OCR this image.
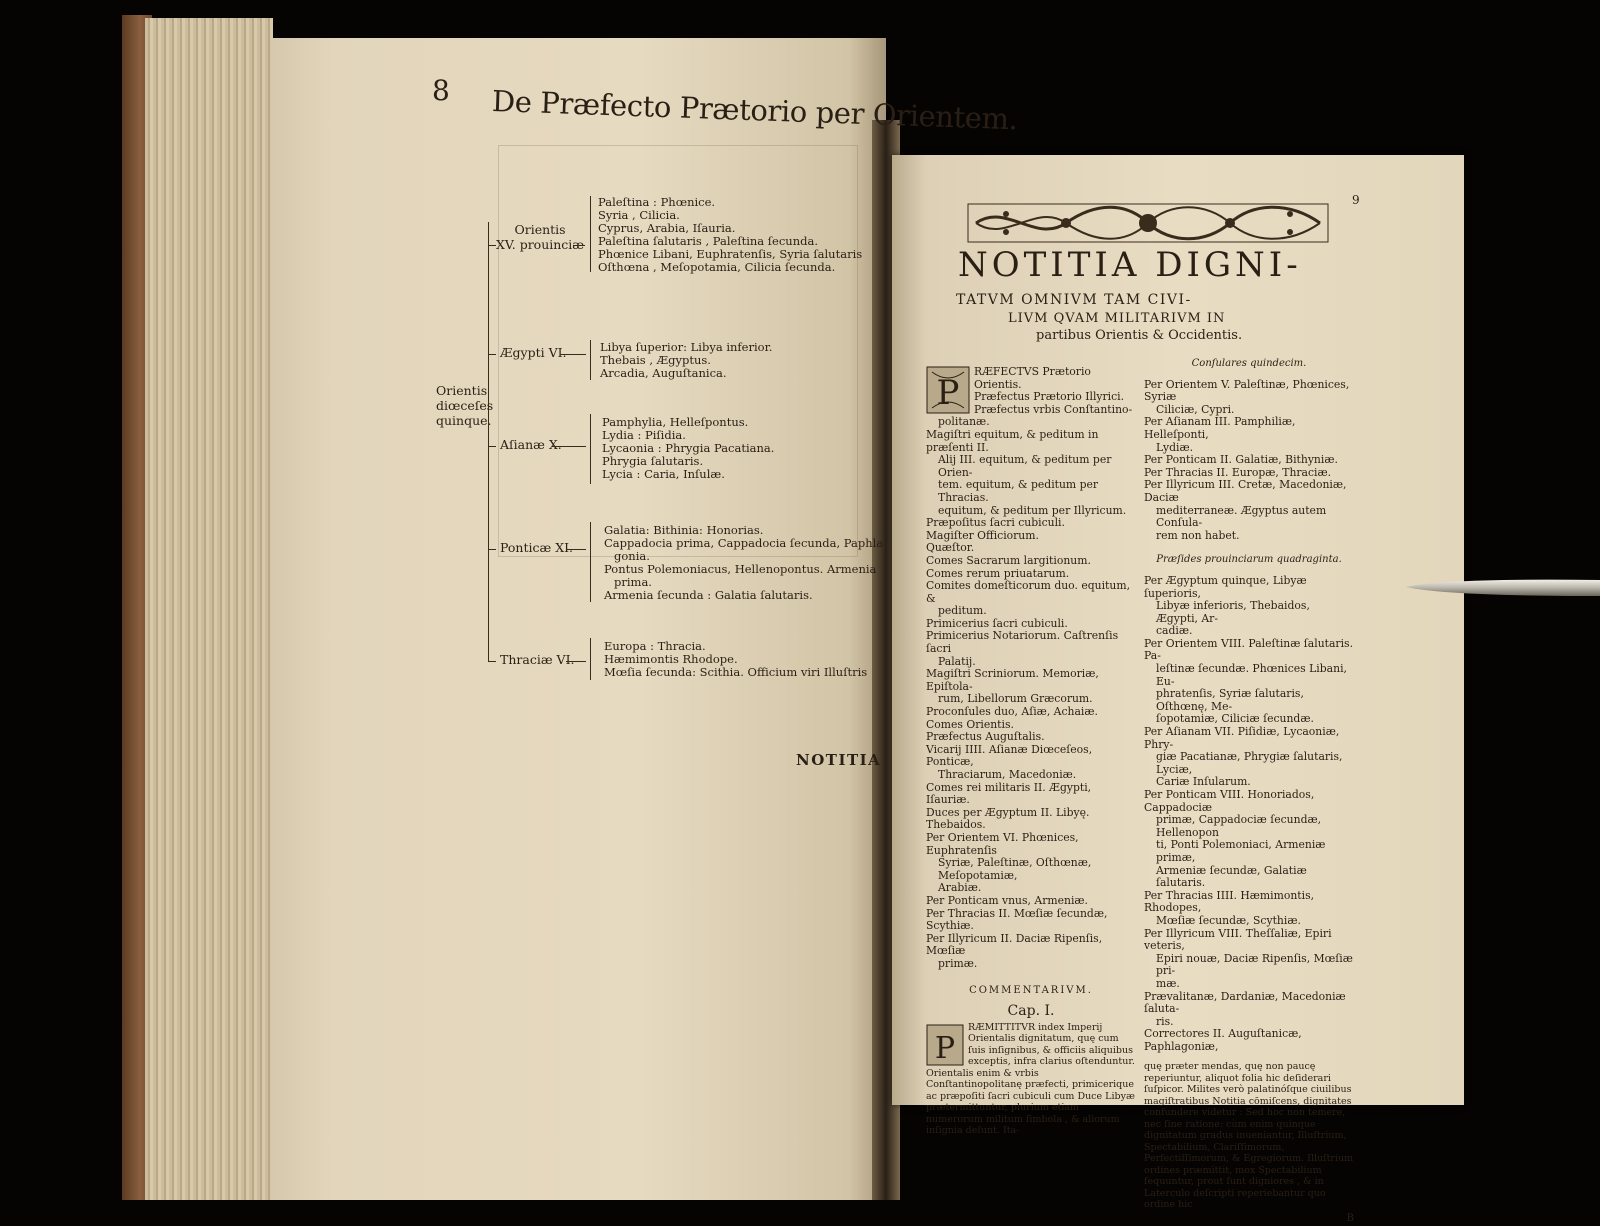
8 De Præfecto Prætorio per Orientem.
Orientis
diœceſes
quinque.
Orientis
XV. prouinciæ
Paleſtina : Phœnice.
Syria , Cilicia.
Cyprus, Arabia, Iſauria.
Paleſtina ſalutaris , Paleſtina ſecunda.
Phœnice Libani, Euphratenſis, Syria ſalutaris
Oſthœna , Meſopotamia, Cilicia ſecunda.
Ægypti VI.	Libya ſuperior: Libya inferior.
Thebais , Ægyptus.
Arcadia, Auguſtanica.
Aſianæ X.
Pamphylia, Helleſpontus.
Lydia : Piſidia.
Lycaonia : Phrygia Pacatiana.
Phrygia ſalutaris.
Lycia : Caria, Inſulæ.
Ponticæ XI.
Galatia: Bithinia: Honorias.
Cappadocia prima, Cappadocia ſecunda, Paphla-
gonia.
Pontus Polemoniacus, Hellenopontus. Armenia
prima.
Armenia ſecunda : Galatia ſalutaris.
Thraciæ VI.
Europa : Thracia.
Hæmimontis Rhodope.
Mœſia ſecunda: Scithia. Officium viri Illuſtris
NOTITIA
9
NOTITIA DIGNI-
TATVM OMNIVM TAM CIVI-
LIVM QVAM MILITARIVM IN
partibus Orientis & Occidentis.
P

RÆFECTVS Prætorio Orientis.

Præfectus Prætorio Illyrici.

Præfectus vrbis Conſtantino-

politanæ.

Magiſtri equitum, & peditum in præſenti II.

Alij III. equitum, & peditum per Orien-

tem. equitum, & peditum per Thracias.

equitum, & peditum per Illyricum.

Præpoſitus ſacri cubiculi.

Magiſter Officiorum.

Quæſtor.

Comes Sacrarum largitionum.

Comes rerum priuatarum.

Comites domeſticorum duo. equitum, &

peditum.

Primicerius ſacri cubiculi.

Primicerius Notariorum. Caſtrenſis ſacri

Palatij.

Magiſtri Scriniorum. Memoriæ, Epiſtola-

rum, Libellorum Græcorum.

Proconſules duo, Aſiæ, Achaiæ.

Comes Orientis.

Præfectus Auguſtalis.

Vicarij IIII. Aſianæ Diœceſeos, Ponticæ,

Thraciarum, Macedoniæ.

Comes rei militaris II. Ægypti, Iſauriæ.

Duces per Ægyptum II. Libyę. Thebaidos.

Per Orientem VI. Phœnices, Euphratenſis

Syriæ, Paleſtinæ, Oſthœnæ, Meſopotamiæ,

Arabiæ.

Per Ponticam vnus, Armeniæ.

Per Thracias II. Mœſiæ ſecundæ, Scythiæ.

Per Illyricum II. Daciæ Ripenſis, Mœſiæ

primæ.

COMMENTARIVM.

Cap. I.

P

RÆMITTITVR index Imperij Orientalis dignitatum, quę cum ſuis inſignibus, & officiis aliquibus exceptis, infra clarius oſtenduntur. Orientalis enim & vrbis Conſtantinopolitanę præfecti, primicerique ac præpoſiti ſacri cubiculi cum Duce Libyæ prætermittuntur, plurium etiam numerorum militum ſimbola , & aliorum inſignia deſunt. Ita-

Conſulares quindecim.

Per Orientem V. Paleſtinæ, Phœnices, Syriæ

Ciliciæ, Cypri.

Per Aſianam III. Pamphiliæ, Helleſponti,

Lydiæ.

Per Ponticam II. Galatiæ, Bithyniæ.

Per Thracias II. Europæ, Thraciæ.

Per Illyricum III. Cretæ, Macedoniæ, Daciæ

mediterraneæ. Ægyptus autem Conſula-

rem non habet.

Præſides prouinciarum quadraginta.

Per Ægyptum quinque, Libyæ ſuperioris,

Libyæ inferioris, Thebaidos, Ægypti, Ar-

cadiæ.

Per Orientem VIII. Paleſtinæ ſalutaris. Pa-

leſtinæ ſecundæ. Phœnices Libani, Eu-

phratenſis, Syriæ ſalutaris, Oſthœnę, Me-

ſopotamiæ, Ciliciæ ſecundæ.

Per Aſianam VII. Piſidiæ, Lycaoniæ, Phry-

giæ Pacatianæ, Phrygiæ ſalutaris, Lyciæ,

Cariæ Inſularum.

Per Ponticam VIII. Honoriados, Cappadociæ

primæ, Cappadociæ ſecundæ, Hellenopon

ti, Ponti Polemoniaci, Armeniæ primæ,

Armeniæ ſecundæ, Galatiæ ſalutaris.

Per Thracias IIII. Hæmimontis, Rhodopes,

Mœſiæ ſecundæ, Scythiæ.

Per Illyricum VIII. Theſſaliæ, Epiri veteris,

Epiri nouæ, Daciæ Ripenſis, Mœſiæ pri-

mæ.

Prævalitanæ, Dardaniæ, Macedoniæ ſaluta-

ris.

Correctores II. Auguſtanicæ, Paphlagoniæ,

quę præter mendas, quę non paucę reperiuntur, aliquot folia hic deſiderari ſuſpicor. Milites verò palatinóſque ciuilibus magiſtratibus Notitia cōmiſcens, dignitates confundere videtur : Sed hoc non temere, nec ſine ratione: cùm enim quinque dignitatum gradus inueniantur, Illuſtrium, Spectabilium, Clariſſimorum, Perfectiſſimorum, & Egregiorum. Illuſtrium ordines præmittit, mox Spectabilium ſequuntur, prout ſunt digniores , & in Laterculo deſcripti reperiebantur quo ordine hic

B
